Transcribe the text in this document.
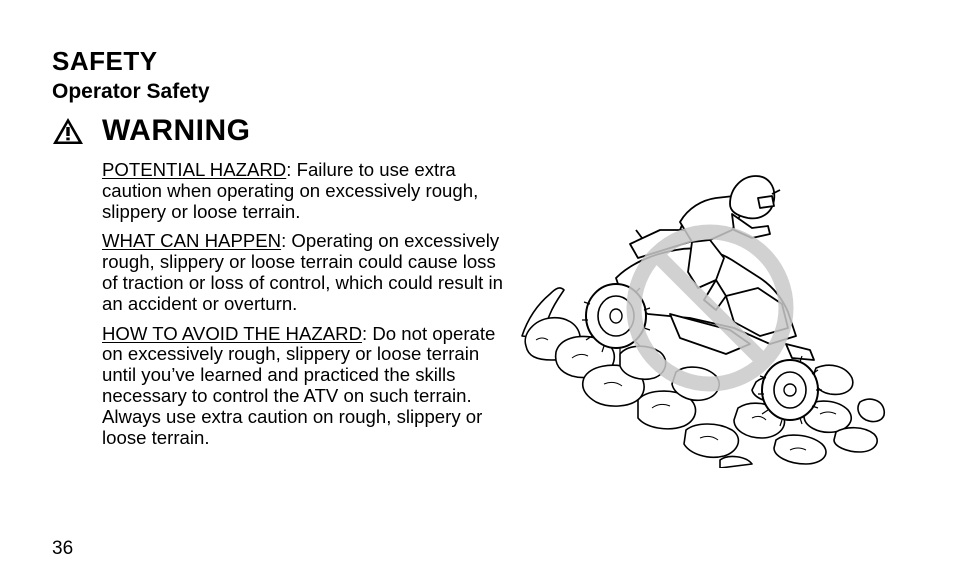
SAFETY
Operator Safety
WARNING

POTENTIAL HAZARD: Failure to use extra caution when operating on excessively rough, slippery or loose terrain.

WHAT CAN HAPPEN: Operating on excessively rough, slippery or loose terrain could cause loss of traction or loss of control, which could result in an accident or overturn.

HOW TO AVOID THE HAZARD: Do not operate on excessively rough, slippery or loose terrain until you’ve learned and practiced the skills necessary to control the ATV on such terrain. Always use extra caution on rough, slippery or loose terrain.

36
